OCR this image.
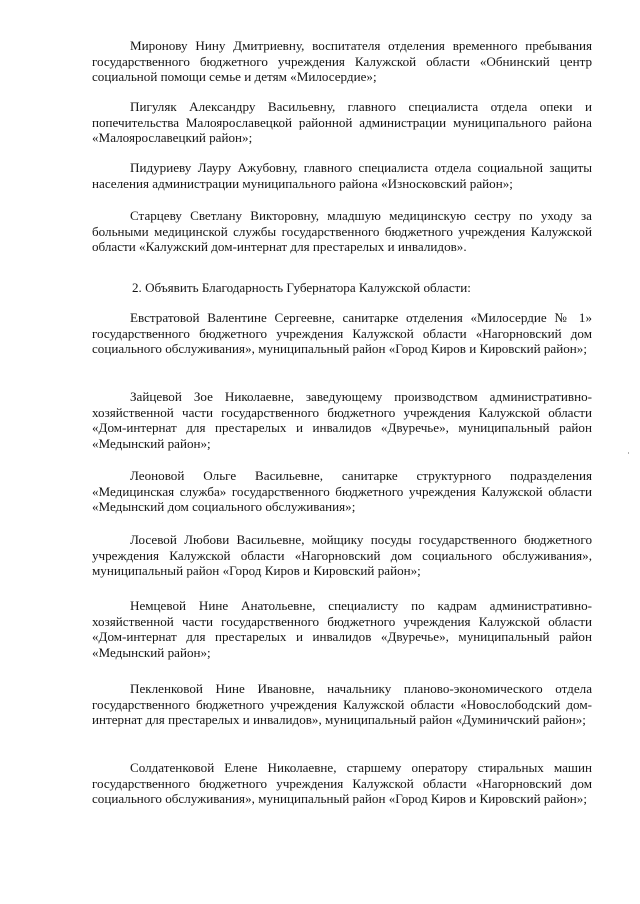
Миронову Нину Дмитриевну, воспитателя отделения временного пребывания государственного бюджетного учреждения Калужской области «Обнинский центр социальной помощи семье и детям «Милосердие»;

Пигуляк Александру Васильевну, главного специалиста отдела опеки и попечительства Малоярославецкой районной администрации муниципального района «Малоярославецкий район»;

Пидуриеву Лауру Ажубовну, главного специалиста отдела социальной защиты населения администрации муниципального района «Износковский район»;

Старцеву Светлану Викторовну, младшую медицинскую сестру по уходу за больными медицинской службы государственного бюджетного учреждения Калужской области «Калужский дом-интернат для престарелых и инвалидов».

2. Объявить Благодарность Губернатора Калужской области:

Евстратовой Валентине Сергеевне, санитарке отделения «Милосердие № 1» государственного бюджетного учреждения Калужской области «Нагорновский дом социального обслуживания», муниципальный район «Город Киров и Кировский район»;

Зайцевой Зое Николаевне, заведующему производством административно-хозяйственной части государственного бюджетного учреждения Калужской области «Дом-интернат для престарелых и инвалидов «Двуречье», муниципальный район «Медынский район»;

Леоновой Ольге Васильевне, санитарке структурного подразделения «Медицинская служба» государственного бюджетного учреждения Калужской области «Медынский дом социального обслуживания»;

Лосевой Любови Васильевне, мойщику посуды государственного бюджетного учреждения Калужской области «Нагорновский дом социального обслуживания», муниципальный район «Город Киров и Кировский район»;

Немцевой Нине Анатольевне, специалисту по кадрам административно-хозяйственной части государственного бюджетного учреждения Калужской области «Дом-интернат для престарелых и инвалидов «Двуречье», муниципальный район «Медынский район»;

Пекленковой Нине Ивановне, начальнику планово-экономического отдела государственного бюджетного учреждения Калужской области «Новослободский дом-интернат для престарелых и инвалидов», муниципальный район «Думиничский район»;

Солдатенковой Елене Николаевне, старшему оператору стиральных машин государственного бюджетного учреждения Калужской области «Нагорновский дом социального обслуживания», муниципальный район «Город Киров и Кировский район»;
